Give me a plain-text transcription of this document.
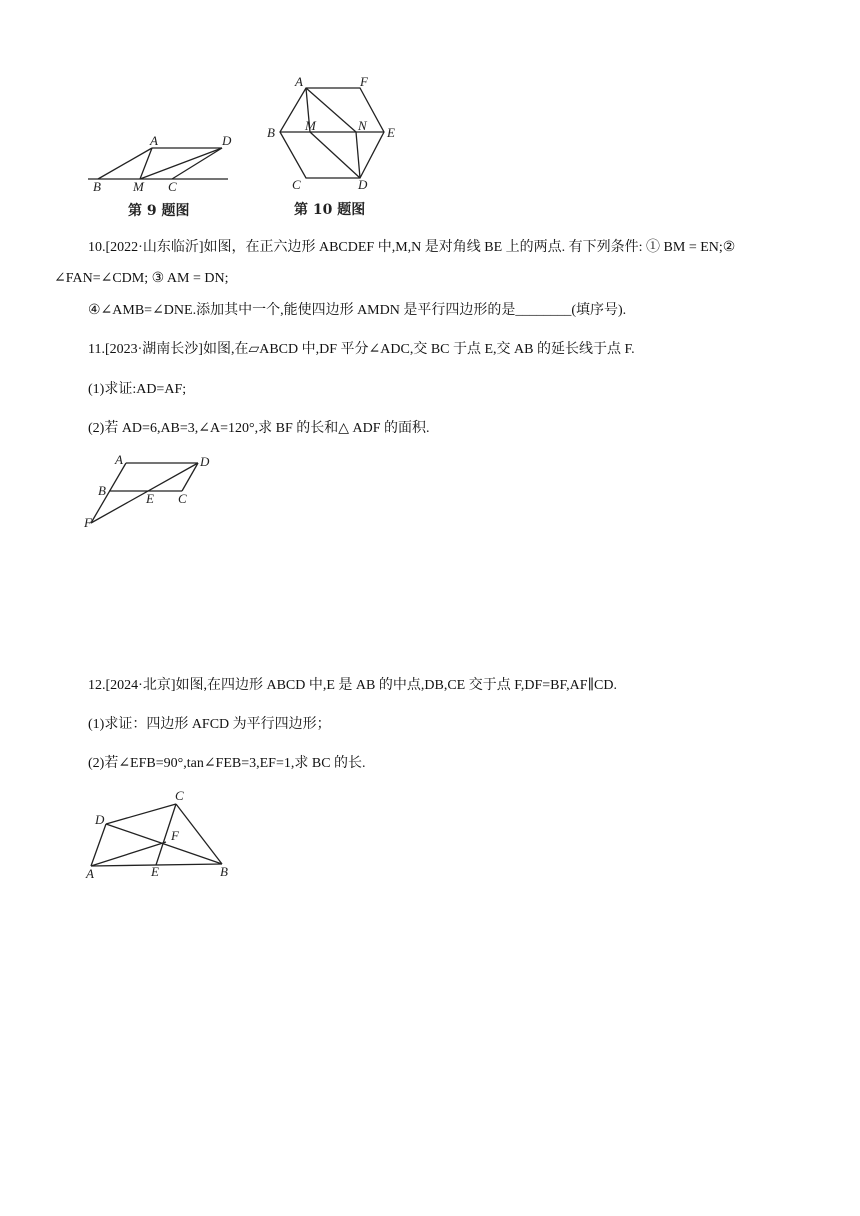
A	D
B M C
第 9 题图
A	F
B M	N E
C	D
第 10 题图
10.[2022·山东临沂]如图，在正六边形 ABCDEF 中,M,N 是对角线 BE 上的两点. 有下列条件: ① BM = EN;②
∠FAN=∠CDM; ③ AM = DN;
④∠AMB=∠DNE.添加其中一个,能使四边形 AMDN 是平行四边形的是________(填序号).
11.[2023·湖南长沙]如图,在▱ABCD 中,DF 平分∠ADC,交 BC 于点 E,交 AB 的延长线于点 F.
(1)求证:AD=AF;
(2)若 AD=6,AB=3,∠A=120°,求 BF 的长和△ ADF 的面积.
A	D
B
E C
F
12.[2024·北京]如图,在四边形 ABCD 中,E 是 AB 的中点,DB,CE 交于点 F,DF=BF,AF∥CD.
(1)求证：四边形 AFCD 为平行四边形；
(2)若∠EFB=90°,tan∠FEB=3,EF=1,求 BC 的长.
C
D
F
A	E	B
